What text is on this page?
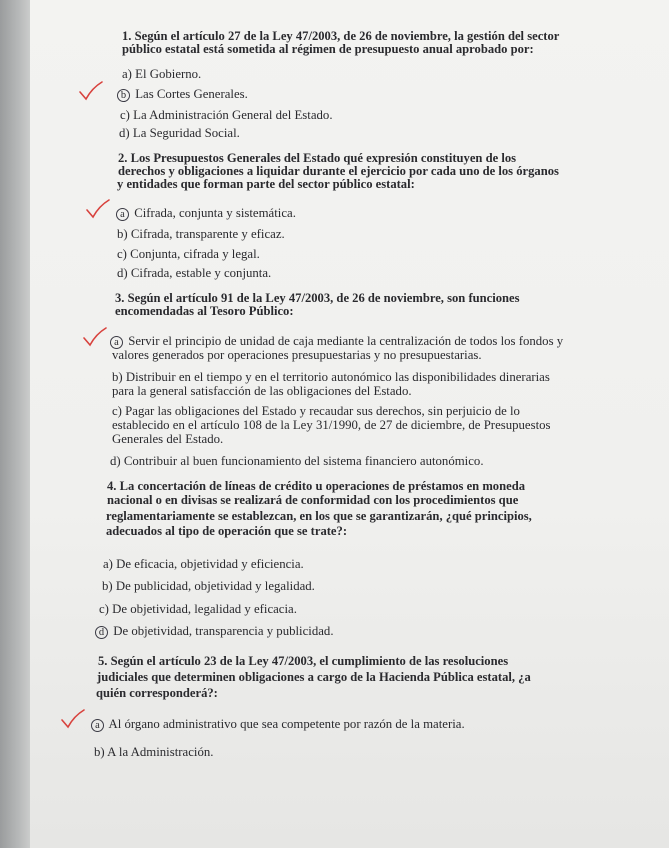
1. Según el artículo 27 de la Ley 47/2003, de 26 de noviembre, la gestión del sector
público estatal está sometida al régimen de presupuesto anual aprobado por:
a) El Gobierno.
b Las Cortes Generales.
c) La Administración General del Estado.
d) La Seguridad Social.
2. Los Presupuestos Generales del Estado qué expresión constituyen de los
derechos y obligaciones a liquidar durante el ejercicio por cada uno de los órganos
y entidades que forman parte del sector público estatal:
a Cifrada, conjunta y sistemática.
b) Cifrada, transparente y eficaz.
c) Conjunta, cifrada y legal.
d) Cifrada, estable y conjunta.
3. Según el artículo 91 de la Ley 47/2003, de 26 de noviembre, son funciones
encomendadas al Tesoro Público:
a Servir el principio de unidad de caja mediante la centralización de todos los fondos y
valores generados por operaciones presupuestarias y no presupuestarias.
b) Distribuir en el tiempo y en el territorio autonómico las disponibilidades dinerarias
para la general satisfacción de las obligaciones del Estado.
c) Pagar las obligaciones del Estado y recaudar sus derechos, sin perjuicio de lo
establecido en el artículo 108 de la Ley 31/1990, de 27 de diciembre, de Presupuestos
Generales del Estado.
d) Contribuir al buen funcionamiento del sistema financiero autonómico.
4. La concertación de líneas de crédito u operaciones de préstamos en moneda
nacional o en divisas se realizará de conformidad con los procedimientos que
reglamentariamente se establezcan, en los que se garantizarán, ¿qué principios,
adecuados al tipo de operación que se trate?:
a) De eficacia, objetividad y eficiencia.
b) De publicidad, objetividad y legalidad.
c) De objetividad, legalidad y eficacia.
d De objetividad, transparencia y publicidad.
5. Según el artículo 23 de la Ley 47/2003, el cumplimiento de las resoluciones
judiciales que determinen obligaciones a cargo de la Hacienda Pública estatal, ¿a
quién corresponderá?:
a Al órgano administrativo que sea competente por razón de la materia.
b) A la Administración.
